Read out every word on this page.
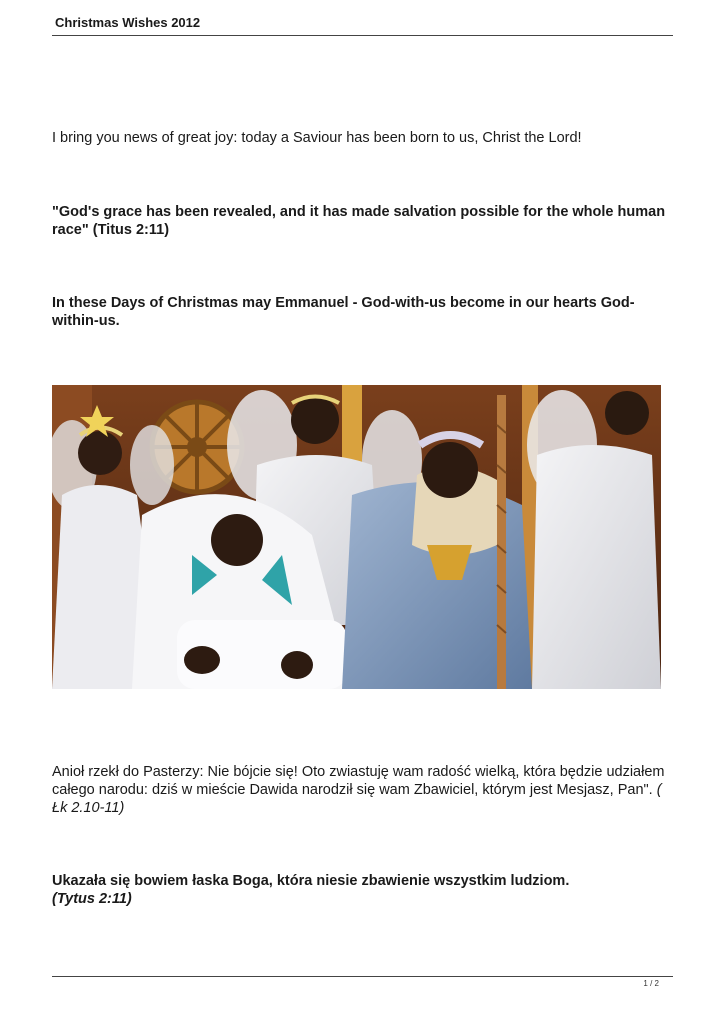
Christmas Wishes 2012
I bring you news of great joy: today a Saviour has been born to us, Christ the Lord!
"God's grace has been revealed, and it has made salvation possible for the whole human race" (Titus 2:11)
In these Days of Christmas may Emmanuel - God-with-us become in our hearts God-within-us.
Anioł rzekł do Pasterzy: Nie bójcie się! Oto zwiastuję wam radość wielką, która będzie udziałem całego narodu: dziś w mieście Dawida narodził się wam Zbawiciel, którym jest Mesjasz, Pan". ( Łk 2.10-11)
Ukazała się bowiem łaska Boga, która niesie zbawienie wszystkim ludziom.
(Tytus 2:11)
1 / 2
